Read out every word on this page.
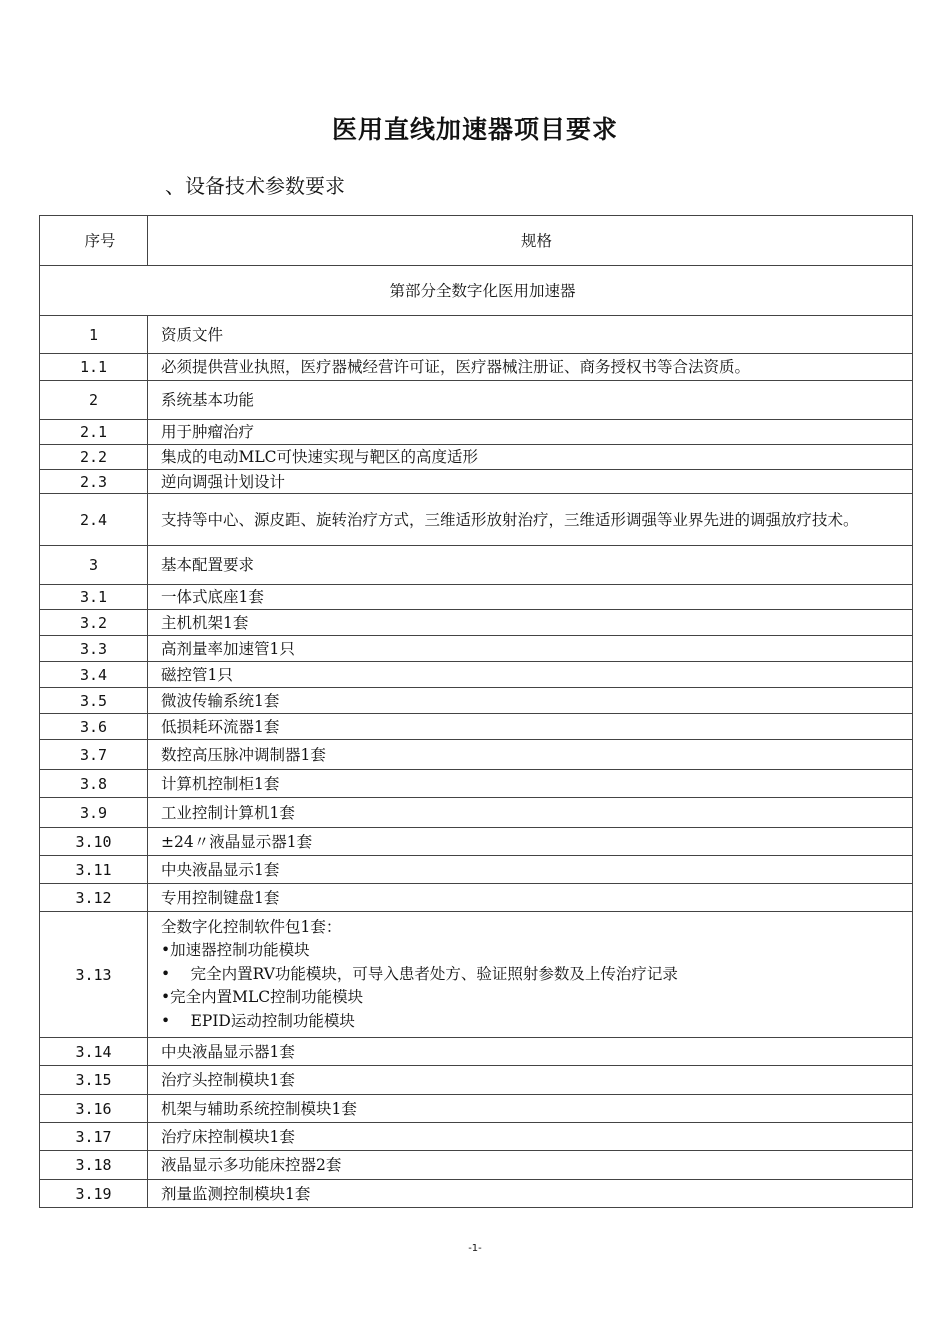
医用直线加速器项目要求
、设备技术参数要求
序号	规格
第部分全数字化医用加速器	
1	资质文件
1.1	必须提供营业执照，医疗器械经营许可证，医疗器械注册证、商务授权书等合法资质。
2	系统基本功能
2.1	用于肿瘤治疗
2.2	集成的电动MLC可快速实现与靶区的高度适形
2.3	逆向调强计划设计
2.4	支持等中心、源皮距、旋转治疗方式，三维适形放射治疗，三维适形调强等业界先进的调强放疗技术。
3	基本配置要求
3.1	一体式底座1套
3.2	主机机架1套
3.3	高剂量率加速管1只
3.4	磁控管1只
3.5	微波传输系统1套
3.6	低损耗环流器1套
3.7	数控高压脉冲调制器1套
3.8	计算机控制柜1套
3.9	工业控制计算机1套
3.10	±24〃液晶显示器1套
3.11	中央液晶显示1套
3.12	专用控制键盘1套
3.13	全数字化控制软件包1套：
•加速器控制功能模块
•　 完全内置RV功能模块，可导入患者处方、验证照射参数及上传治疗记录
•完全内置MLC控制功能模块
•　 EPID运动控制功能模块

3.14	中央液晶显示器1套
3.15	治疗头控制模块1套
3.16	机架与辅助系统控制模块1套
3.17	治疗床控制模块1套
3.18	液晶显示多功能床控器2套
3.19	剂量监测控制模块1套
-1-
